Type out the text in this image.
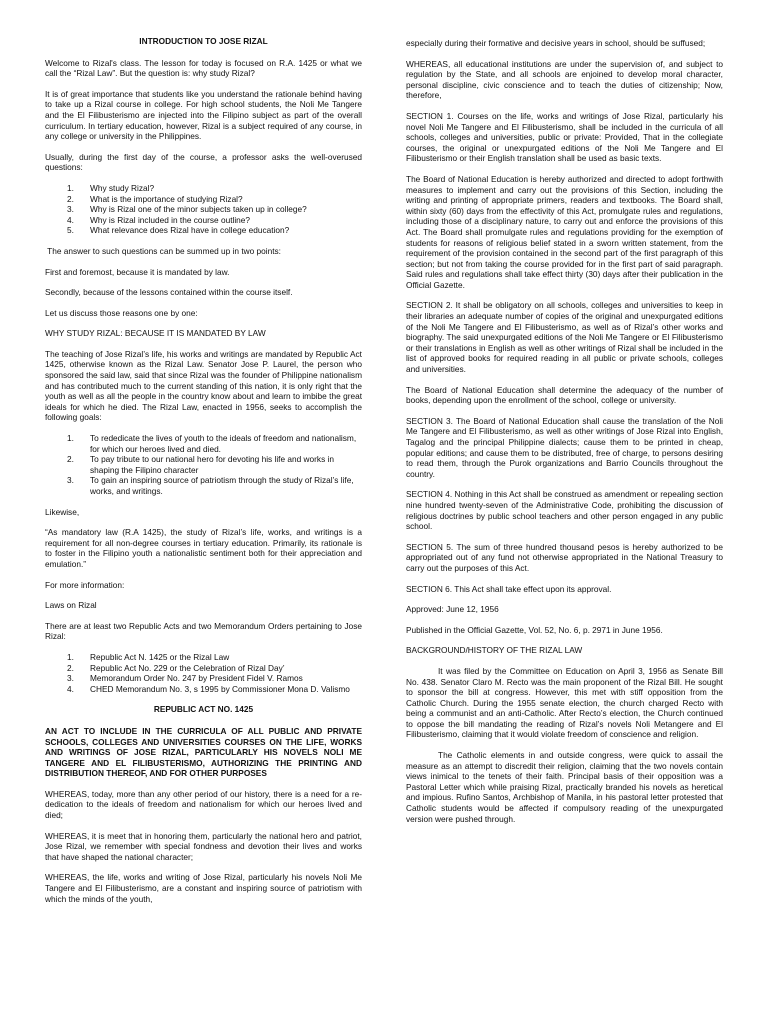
INTRODUCTION TO JOSE RIZAL

Welcome to Rizal's class. The lesson for today is focused on R.A. 1425 or what we call the “Rizal Law”. But the question is: why study Rizal?

It is of great importance that students like you understand the rationale behind having to take up a Rizal course in college. For high school students, the Noli Me Tangere and the El Filibusterismo are injected into the Filipino subject as part of the overall curriculum. In tertiary education, however, Rizal is a subject required of any course, in any college or university in the Philippines.

Usually, during the first day of the course, a professor asks the well-overused questions:

1.	Why study Rizal?
2.	What is the importance of studying Rizal?
3.	Why is Rizal one of the minor subjects taken up in college?
4.	Why is Rizal included in the course outline?
5.	What relevance does Rizal have in college education?

The answer to such questions can be summed up in two points:

First and foremost, because it is mandated by law.

Secondly, because of the lessons contained within the course itself.

Let us discuss those reasons one by one:

WHY STUDY RIZAL: BECAUSE IT IS MANDATED BY LAW

The teaching of Jose Rizal’s life, his works and writings are mandated by Republic Act 1425, otherwise known as the Rizal Law. Senator Jose P. Laurel, the person who sponsored the said law, said that since Rizal was the founder of Philippine nationalism and has contributed much to the current standing of this nation, it is only right that the youth as well as all the people in the country know about and learn to imbibe the great ideals for which he died. The Rizal Law, enacted in 1956, seeks to accomplish the following goals:

1.	To rededicate the lives of youth to the ideals of freedom and nationalism, for which our heroes lived and died.
2.	To pay tribute to our national hero for devoting his life and works in shaping the Filipino character
3.	To gain an inspiring source of patriotism through the study of Rizal’s life, works, and writings.

Likewise,

“As mandatory law (R.A 1425), the study of Rizal’s life, works, and writings is a requirement for all non-degree courses in tertiary education. Primarily, its rationale is to foster in the Filipino youth a nationalistic sentiment both for their appreciation and emulation.”

For more information:

Laws on Rizal

There are at least two Republic Acts and two Memorandum Orders pertaining to Jose Rizal:

1.	Republic Act N. 1425 or the Rizal Law
2.	Republic Act No. 229 or the Celebration of Rizal Day’
3.	Memorandum Order No. 247 by President Fidel V. Ramos
4.	CHED Memorandum No. 3, s 1995 by Commissioner Mona D. Valismo

REPUBLIC ACT NO. 1425

AN ACT TO INCLUDE IN THE CURRICULA OF ALL PUBLIC AND PRIVATE SCHOOLS, COLLEGES AND UNIVERSITIES COURSES ON THE LIFE, WORKS AND WRITINGS OF JOSE RIZAL, PARTICULARLY HIS NOVELS NOLI ME TANGERE AND EL FILIBUSTERISMO, AUTHORIZING THE PRINTING AND DISTRIBUTION THEREOF, AND FOR OTHER PURPOSES

WHEREAS, today, more than any other period of our history, there is a need for a re-dedication to the ideals of freedom and nationalism for which our heroes lived and died;

WHEREAS, it is meet that in honoring them, particularly the national hero and patriot, Jose Rizal, we remember with special fondness and devotion their lives and works that have shaped the national character;

WHEREAS, the life, works and writing of Jose Rizal, particularly his novels Noli Me Tangere and El Filibusterismo, are a constant and inspiring source of patriotism with which the minds of the youth,

especially during their formative and decisive years in school, should be suffused;

WHEREAS, all educational institutions are under the supervision of, and subject to regulation by the State, and all schools are enjoined to develop moral character, personal discipline, civic conscience and to teach the duties of citizenship; Now, therefore,

SECTION 1. Courses on the life, works and writings of Jose Rizal, particularly his novel Noli Me Tangere and El Filibusterismo, shall be included in the curricula of all schools, colleges and universities, public or private: Provided, That in the collegiate courses, the original or unexpurgated editions of the Noli Me Tangere and El Filibusterismo or their English translation shall be used as basic texts.

The Board of National Education is hereby authorized and directed to adopt forthwith measures to implement and carry out the provisions of this Section, including the writing and printing of appropriate primers, readers and textbooks. The Board shall, within sixty (60) days from the effectivity of this Act, promulgate rules and regulations, including those of a disciplinary nature, to carry out and enforce the provisions of this Act. The Board shall promulgate rules and regulations providing for the exemption of students for reasons of religious belief stated in a sworn written statement, from the requirement of the provision contained in the second part of the first paragraph of this section; but not from taking the course provided for in the first part of said paragraph. Said rules and regulations shall take effect thirty (30) days after their publication in the Official Gazette.

SECTION 2. It shall be obligatory on all schools, colleges and universities to keep in their libraries an adequate number of copies of the original and unexpurgated editions of the Noli Me Tangere and El Filibusterismo, as well as of Rizal’s other works and biography. The said unexpurgated editions of the Noli Me Tangere or El Filibusterismo or their translations in English as well as other writings of Rizal shall be included in the list of approved books for required reading in all public or private schools, colleges and universities.

The Board of National Education shall determine the adequacy of the number of books, depending upon the enrollment of the school, college or university.

SECTION 3. The Board of National Education shall cause the translation of the Noli Me Tangere and El Filibusterismo, as well as other writings of Jose Rizal into English, Tagalog and the principal Philippine dialects; cause them to be printed in cheap, popular editions; and cause them to be distributed, free of charge, to persons desiring to read them, through the Purok organizations and Barrio Councils throughout the country.

SECTION 4. Nothing in this Act shall be construed as amendment or repealing section nine hundred twenty-seven of the Administrative Code, prohibiting the discussion of religious doctrines by public school teachers and other person engaged in any public school.

SECTION 5. The sum of three hundred thousand pesos is hereby authorized to be appropriated out of any fund not otherwise appropriated in the National Treasury to carry out the purposes of this Act.

SECTION 6. This Act shall take effect upon its approval.

Approved: June 12, 1956

Published in the Official Gazette, Vol. 52, No. 6, p. 2971 in June 1956.

BACKGROUND/HISTORY OF THE RIZAL LAW

It was filed by the Committee on Education on April 3, 1956 as Senate Bill No. 438. Senator Claro M. Recto was the main proponent of the Rizal Bill. He sought to sponsor the bill at congress. However, this met with stiff opposition from the Catholic Church. During the 1955 senate election, the church charged Recto with being a communist and an anti-Catholic. After Recto’s election, the Church continued to oppose the bill mandating the reading of Rizal’s novels Noli Metangere and El Filibusterismo, claiming that it would violate freedom of conscience and religion.

The Catholic elements in and outside congress, were quick to assail the measure as an attempt to discredit their religion, claiming that the two novels contain views inimical to the tenets of their faith. Principal basis of their opposition was a Pastoral Letter which while praising Rizal, practically branded his novels as heretical and impious. Rufino Santos, Archbishop of Manila, in his pastoral letter protested that Catholic students would be affected if compulsory reading of the unexpurgated version were pushed through.
